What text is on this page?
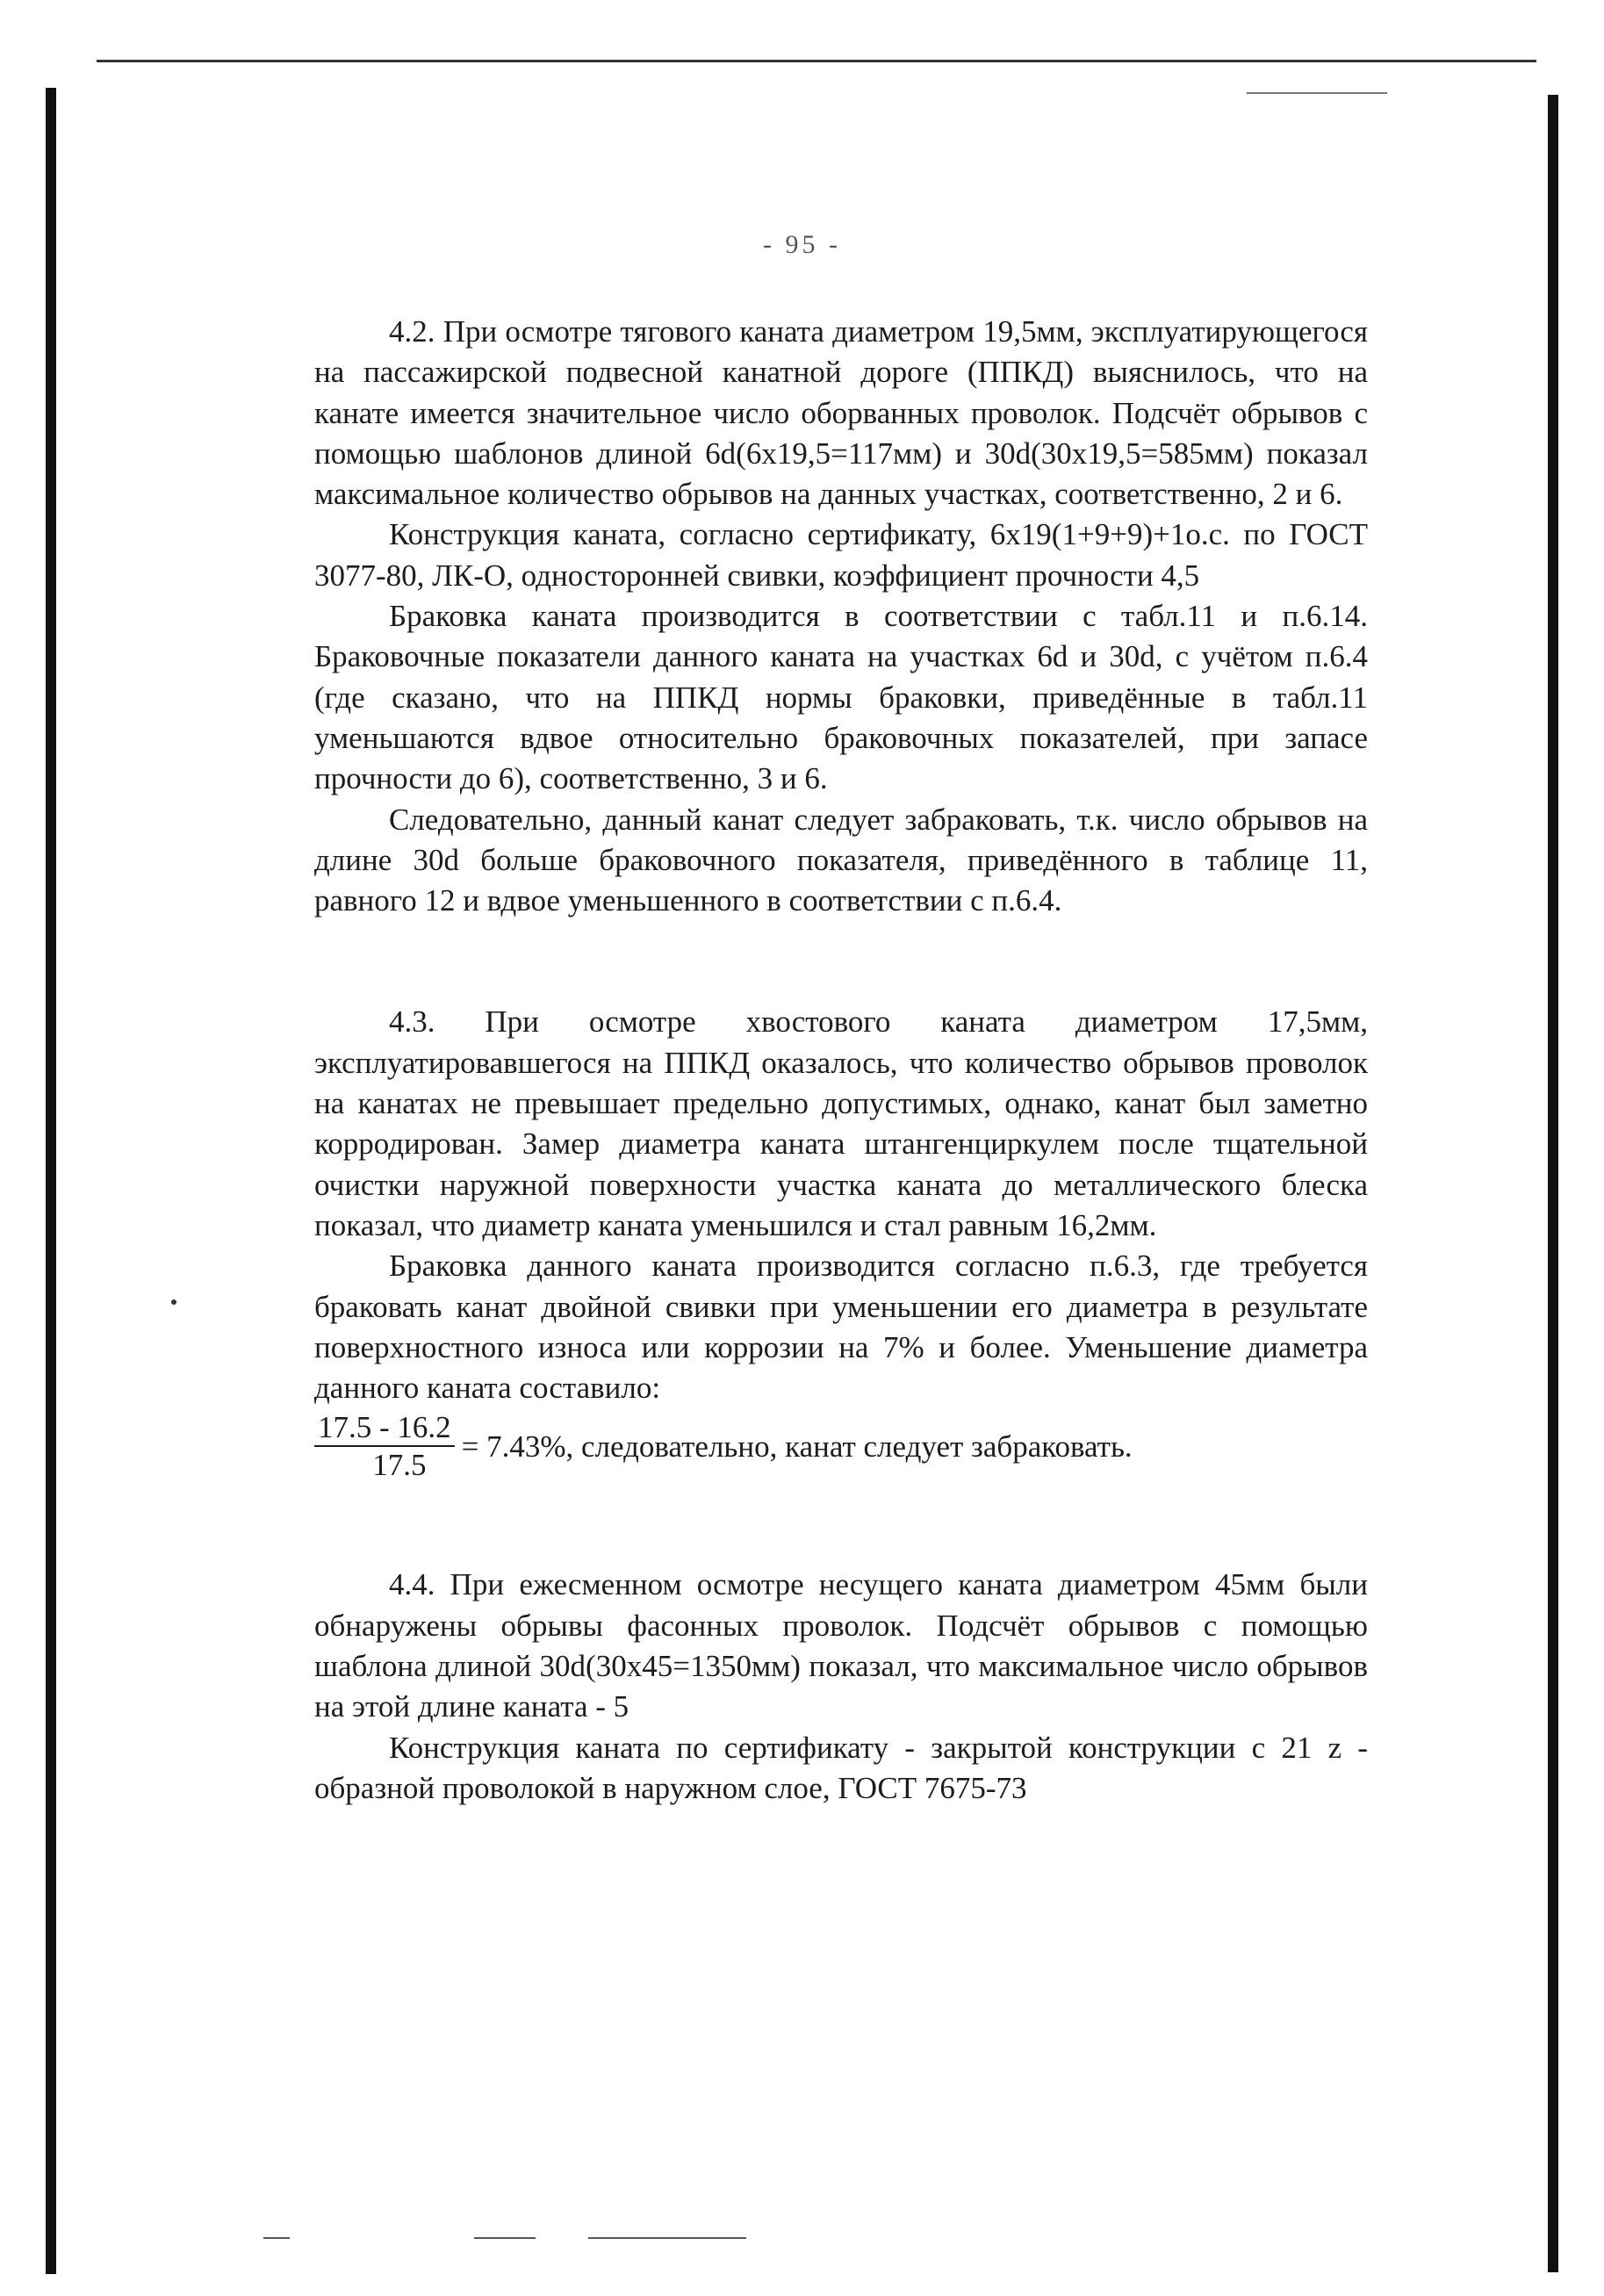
- 95 -

4.2. При осмотре тягового каната диаметром 19,5мм, эксплуатирующегося на пассажирской подвесной канатной дороге (ППКД) выяснилось, что на канате имеется значительное число оборванных проволок. Подсчёт обрывов с помощью шаблонов длиной 6d(6х19,5=117мм) и 30d(30х19,5=585мм) показал максимальное количество обрывов на данных участках, соответственно, 2 и 6.

Конструкция каната, согласно сертификату, 6х19(1+9+9)+1о.с. по ГОСТ 3077-80, ЛК-О, односторонней свивки, коэффициент прочности 4,5

Браковка каната производится в соответствии с табл.11 и п.6.14. Браковочные показатели данного каната на участках 6d и 30d, с учётом п.6.4 (где сказано, что на ППКД нормы браковки, приведённые в табл.11 уменьшаются вдвое относительно браковочных показателей, при запасе прочности до 6), соответственно, 3 и 6.

Следовательно, данный канат следует забраковать, т.к. число обрывов на длине 30d больше браковочного показателя, приведённого в таблице 11, равного 12 и вдвое уменьшенного в соответствии с п.6.4.

4.3. При осмотре хвостового каната диаметром 17,5мм, эксплуатировавшегося на ППКД оказалось, что количество обрывов проволок на канатах не превышает предельно допустимых, однако, канат был заметно корродирован. Замер диаметра каната штангенциркулем после тщательной очистки наружной поверхности участка каната до металлического блеска показал, что диаметр каната уменьшился и стал равным 16,2мм.

Браковка данного каната производится согласно п.6.3, где требуется браковать канат двойной свивки при уменьшении его диаметра в результате поверхностного износа или коррозии на 7% и более. Уменьшение диаметра данного каната составило:

$\frac{17.5 - 16.2}{17.5} = 7.43\%$, следовательно, канат следует забраковать.

4.4. При ежесменном осмотре несущего каната диаметром 45мм были обнаружены обрывы фасонных проволок. Подсчёт обрывов с помощью шаблона длиной 30d(30х45=1350мм) показал, что максимальное число обрывов на этой длине каната - 5

Конструкция каната по сертификату - закрытой конструкции с 21 z - образной проволокой в наружном слое, ГОСТ 7675-73
